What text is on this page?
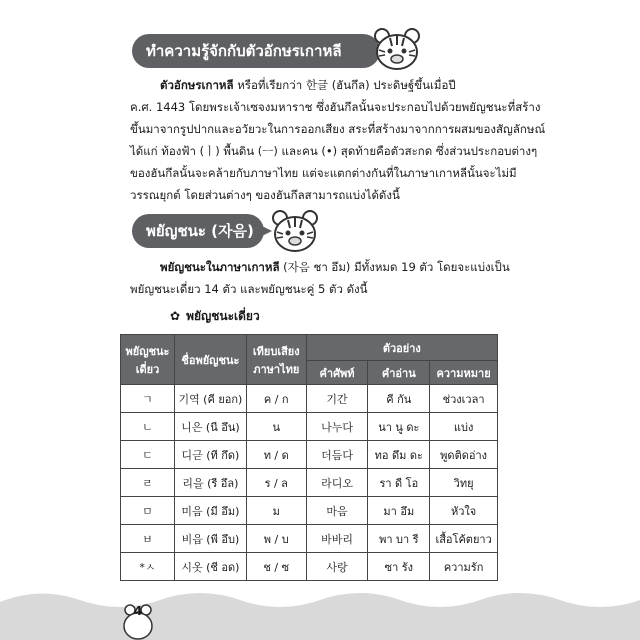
ทำความรู้จักกับตัวอักษรเกาหลี
ตัวอักษรเกาหลี หรือที่เรียกว่า 한글 (ฮันกึล) ประดิษฐ์ขึ้นเมื่อปี
ค.ศ. 1443 โดยพระเจ้าเซจงมหาราช ซึ่งฮันกึลนั้นจะประกอบไปด้วยพยัญชนะที่สร้าง
ขึ้นมาจากรูปปากและอวัยวะในการออกเสียง สระที่สร้างมาจากการผสมของสัญลักษณ์
ได้แก่ ท้องฟ้า (ㅣ) พื้นดิน (ㅡ) และคน (•) สุดท้ายคือตัวสะกด ซึ่งส่วนประกอบต่างๆ
ของฮันกึลนั้นจะคล้ายกับภาษาไทย แต่จะแตกต่างกันที่ในภาษาเกาหลีนั้นจะไม่มี
วรรณยุกต์ โดยส่วนต่างๆ ของฮันกึลสามารถแบ่งได้ดังนี้
พยัญชนะ (자음)
พยัญชนะในภาษาเกาหลี (자음 ชา อึม) มีทั้งหมด 19 ตัว โดยจะแบ่งเป็น
พยัญชนะเดี่ยว 14 ตัว และพยัญชนะคู่ 5 ตัว ดังนี้
✿ พยัญชนะเดี่ยว
พยัญชนะเดี่ยว	ชื่อพยัญชนะ	เทียบเสียงภาษาไทย	ตัวอย่าง		
			คำศัพท์	คำอ่าน	ความหมาย
ㄱ	기역 (คี ยอก)	ค / ก	기간	คี กัน	ช่วงเวลา
ㄴ	니은 (นี อึน)	น	나누다	นา นู ดะ	แบ่ง
ㄷ	디귿 (ที กึด)	ท / ด	더듬다	ทอ ดึม ดะ	พูดติดอ่าง
ㄹ	리을 (รี อึล)	ร / ล	라디오	รา ดี โอ	วิทยุ
ㅁ	미음 (มี อึม)	ม	마음	มา อึม	หัวใจ
ㅂ	비읍 (พี อึบ)	พ / บ	바바리	พา บา รี	เสื้อโค้ตยาว
*ㅅ	시옷 (ชี อด)	ช / ซ	사랑	ซา รัง	ความรัก
4
